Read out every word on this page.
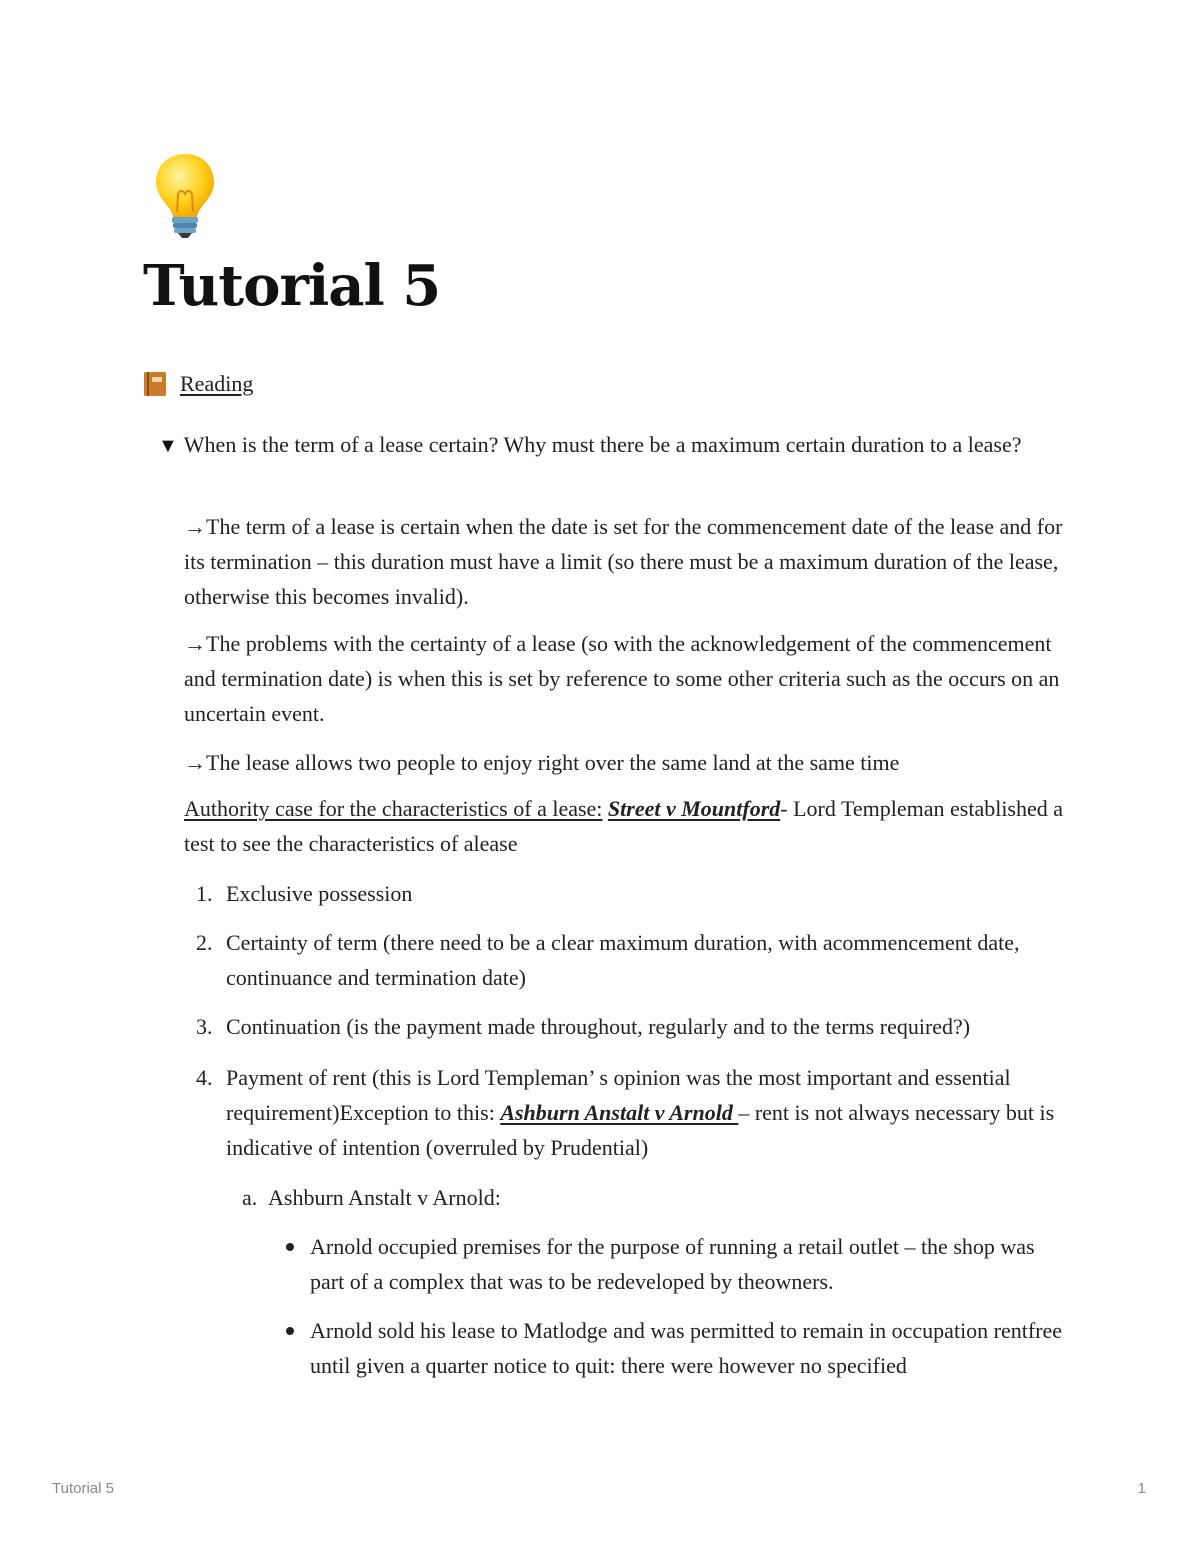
Tutorial 5
Reading
▼ When is the term of a lease certain? Why must there be a maximum certain duration to a lease?
→The term of a lease is certain when the date is set for the commencement date of the lease and for its termination – this duration must have a limit (so there must be a maximum duration of the lease, otherwise this becomes invalid).
→The problems with the certainty of a lease (so with the acknowledgement of the commencement and termination date) is when this is set by reference to some other criteria such as the occurs on an uncertain event.
→The lease allows two people to enjoy right over the same land at the same time
Authority case for the characteristics of a lease: Street v Mountford- Lord Templeman established a test to see the characteristics of alease
1. Exclusive possession
2. Certainty of term (there need to be a clear maximum duration, with acommencement date, continuance and termination date)
3. Continuation (is the payment made throughout, regularly and to the terms required?)
4. Payment of rent (this is Lord Templeman’ s opinion was the most important and essential requirement)Exception to this: Ashburn Anstalt v Arnold – rent is not always necessary but is indicative of intention (overruled by Prudential)
a. Ashburn Anstalt v Arnold:
Arnold occupied premises for the purpose of running a retail outlet – the shop was part of a complex that was to be redeveloped by theowners.
Arnold sold his lease to Matlodge and was permitted to remain in occupation rentfree until given a quarter notice to quit: there were however no specified
Tutorial 5	1
